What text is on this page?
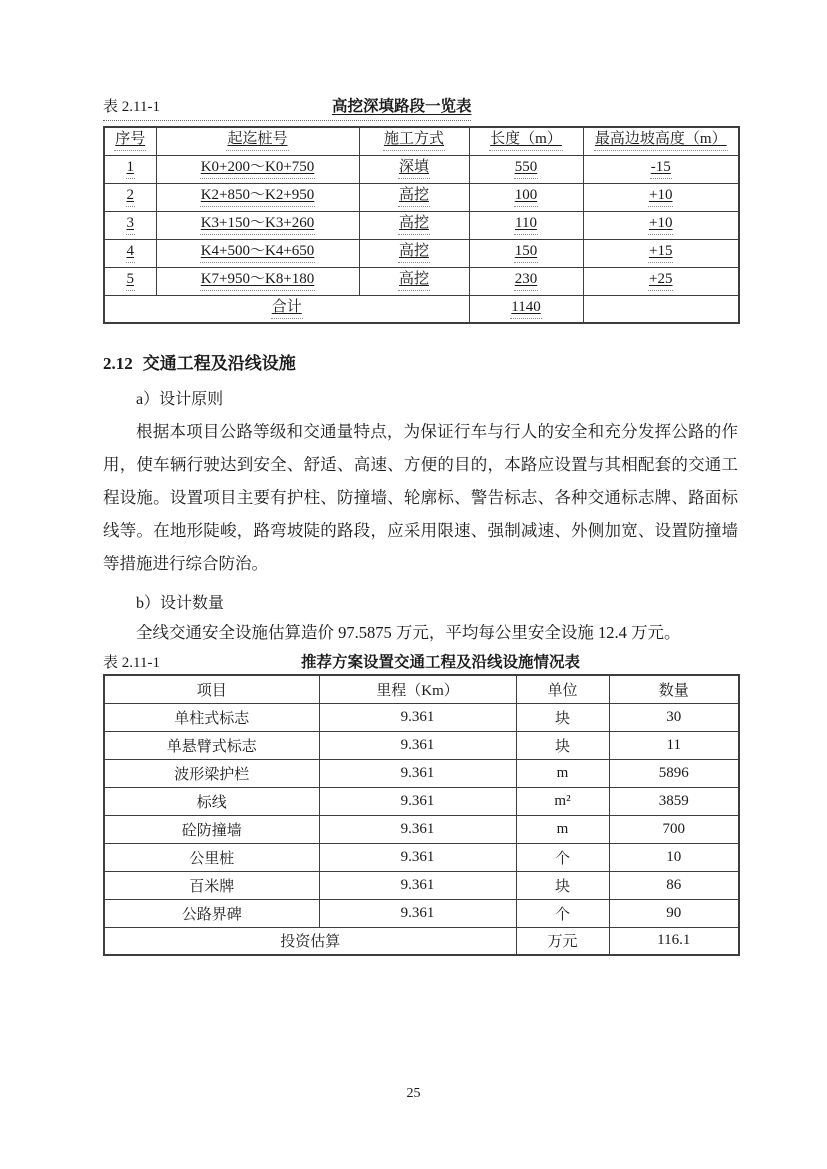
表 2.11-1	高挖深填路段一览表
序号	起迄桩号	施工方式	长度（m）	最高边坡高度（m）
1	K0+200～K0+750	深填	550	-15
2	K2+850～K2+950	高挖	100	+10
3	K3+150～K3+260	高挖	110	+10
4	K4+500～K4+650	高挖	150	+15
5	K7+950～K8+180	高挖	230	+25
合计			1140	
2.12 交通工程及沿线设施
a）设计原则

根据本项目公路等级和交通量特点，为保证行车与行人的安全和充分发挥公路的作用，使车辆行驶达到安全、舒适、高速、方便的目的，本路应设置与其相配套的交通工程设施。设置项目主要有护柱、防撞墙、轮廓标、警告标志、各种交通标志牌、路面标线等。在地形陡峻，路弯坡陡的路段，应采用限速、强制减速、外侧加宽、设置防撞墙等措施进行综合防治。

b）设计数量

全线交通安全设施估算造价 97.5875 万元，平均每公里安全设施 12.4 万元。

表 2.11-1	推荐方案设置交通工程及沿线设施情况表
项目	里程（Km）	单位	数量
单柱式标志	9.361	块	30
单悬臂式标志	9.361	块	11
波形梁护栏	9.361	m	5896
标线	9.361	m²	3859
砼防撞墙	9.361	m	700
公里桩	9.361	个	10
百米牌	9.361	块	86
公路界碑	9.361	个	90
投资估算		万元	116.1
25
